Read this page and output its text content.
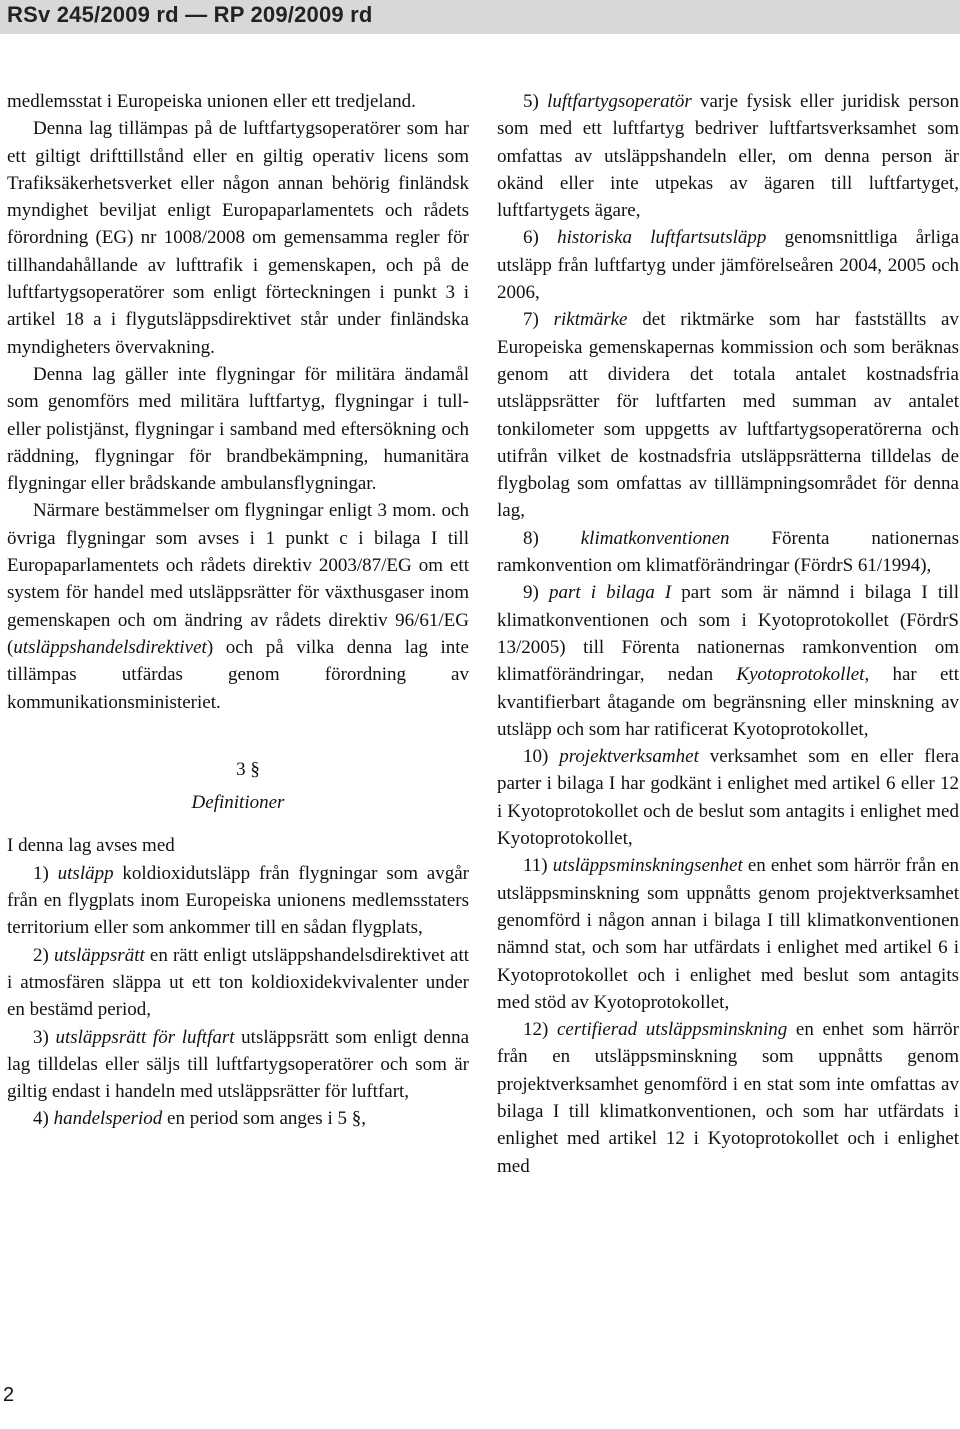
RSv 245/2009 rd — RP 209/2009 rd

medlemsstat i Europeiska unionen eller ett tredjeland.

Denna lag tillämpas på de luftfartygsoperatörer som har ett giltigt drifttillstånd eller en giltig operativ licens som Trafiksäkerhetsverket eller någon annan behörig finländsk myndighet beviljat enligt Europaparlamentets och rådets förordning (EG) nr 1008/2008 om gemensamma regler för tillhandahållande av lufttrafik i gemenskapen, och på de luftfartygsoperatörer som enligt förteckningen i punkt 3 i artikel 18 a i flygutsläppsdirektivet står under finländska myndigheters övervakning.

Denna lag gäller inte flygningar för militära ändamål som genomförs med militära luftfartyg, flygningar i tull- eller polistjänst, flygningar i samband med eftersökning och räddning, flygningar för brandbekämpning, humanitära flygningar eller brådskande ambulansflygningar.

Närmare bestämmelser om flygningar enligt 3 mom. och övriga flygningar som avses i 1 punkt c i bilaga I till Europaparlamentets och rådets direktiv 2003/87/EG om ett system för handel med utsläppsrätter för växthusgaser inom gemenskapen och om ändring av rådets direktiv 96/61/EG (utsläppshandelsdirektivet) och på vilka denna lag inte tillämpas utfärdas genom förordning av kommunikationsministeriet.

3 §
Definitioner

I denna lag avses med

1) utsläpp koldioxidutsläpp från flygningar som avgår från en flygplats inom Europeiska unionens medlemsstaters territorium eller som ankommer till en sådan flygplats,

2) utsläppsrätt en rätt enligt utsläppshandelsdirektivet att i atmosfären släppa ut ett ton koldioxidekvivalenter under en bestämd period,

3) utsläppsrätt för luftfart utsläppsrätt som enligt denna lag tilldelas eller säljs till luftfartygsoperatörer och som är giltig endast i handeln med utsläppsrätter för luftfart,

4) handelsperiod en period som anges i 5 §,

5) luftfartygsoperatör varje fysisk eller juridisk person som med ett luftfartyg bedriver luftfartsverksamhet som omfattas av utsläppshandeln eller, om denna person är okänd eller inte utpekas av ägaren till luftfartyget, luftfartygets ägare,

6) historiska luftfartsutsläpp genomsnittliga årliga utsläpp från luftfartyg under jämförelseåren 2004, 2005 och 2006,

7) riktmärke det riktmärke som har fastställts av Europeiska gemenskapernas kommission och som beräknas genom att dividera det totala antalet kostnadsfria utsläppsrätter för luftfarten med summan av antalet tonkilometer som uppgetts av luftfartygsoperatörerna och utifrån vilket de kostnadsfria utsläppsrätterna tilldelas de flygbolag som omfattas av tilllämpningsområdet för denna lag,

8) klimatkonventionen Förenta nationernas ramkonvention om klimatförändringar (FördrS 61/1994),

9) part i bilaga I part som är nämnd i bilaga I till klimatkonventionen och som i Kyotoprotokollet (FördrS 13/2005) till Förenta nationernas ramkonvention om klimatförändringar, nedan Kyotoprotokollet, har ett kvantifierbart åtagande om begränsning eller minskning av utsläpp och som har ratificerat Kyotoprotokollet,

10) projektverksamhet verksamhet som en eller flera parter i bilaga I har godkänt i enlighet med artikel 6 eller 12 i Kyotoprotokollet och de beslut som antagits i enlighet med Kyotoprotokollet,

11) utsläppsminskningsenhet en enhet som härrör från en utsläppsminskning som uppnåtts genom projektverksamhet genomförd i någon annan i bilaga I till klimatkonventionen nämnd stat, och som har utfärdats i enlighet med artikel 6 i Kyotoprotokollet och i enlighet med beslut som antagits med stöd av Kyotoprotokollet,

12) certifierad utsläppsminskning en enhet som härrör från en utsläppsminskning som uppnåtts genom projektverksamhet genomförd i en stat som inte omfattas av bilaga I till klimatkonventionen, och som har utfärdats i enlighet med artikel 12 i Kyotoprotokollet och i enlighet med

2
